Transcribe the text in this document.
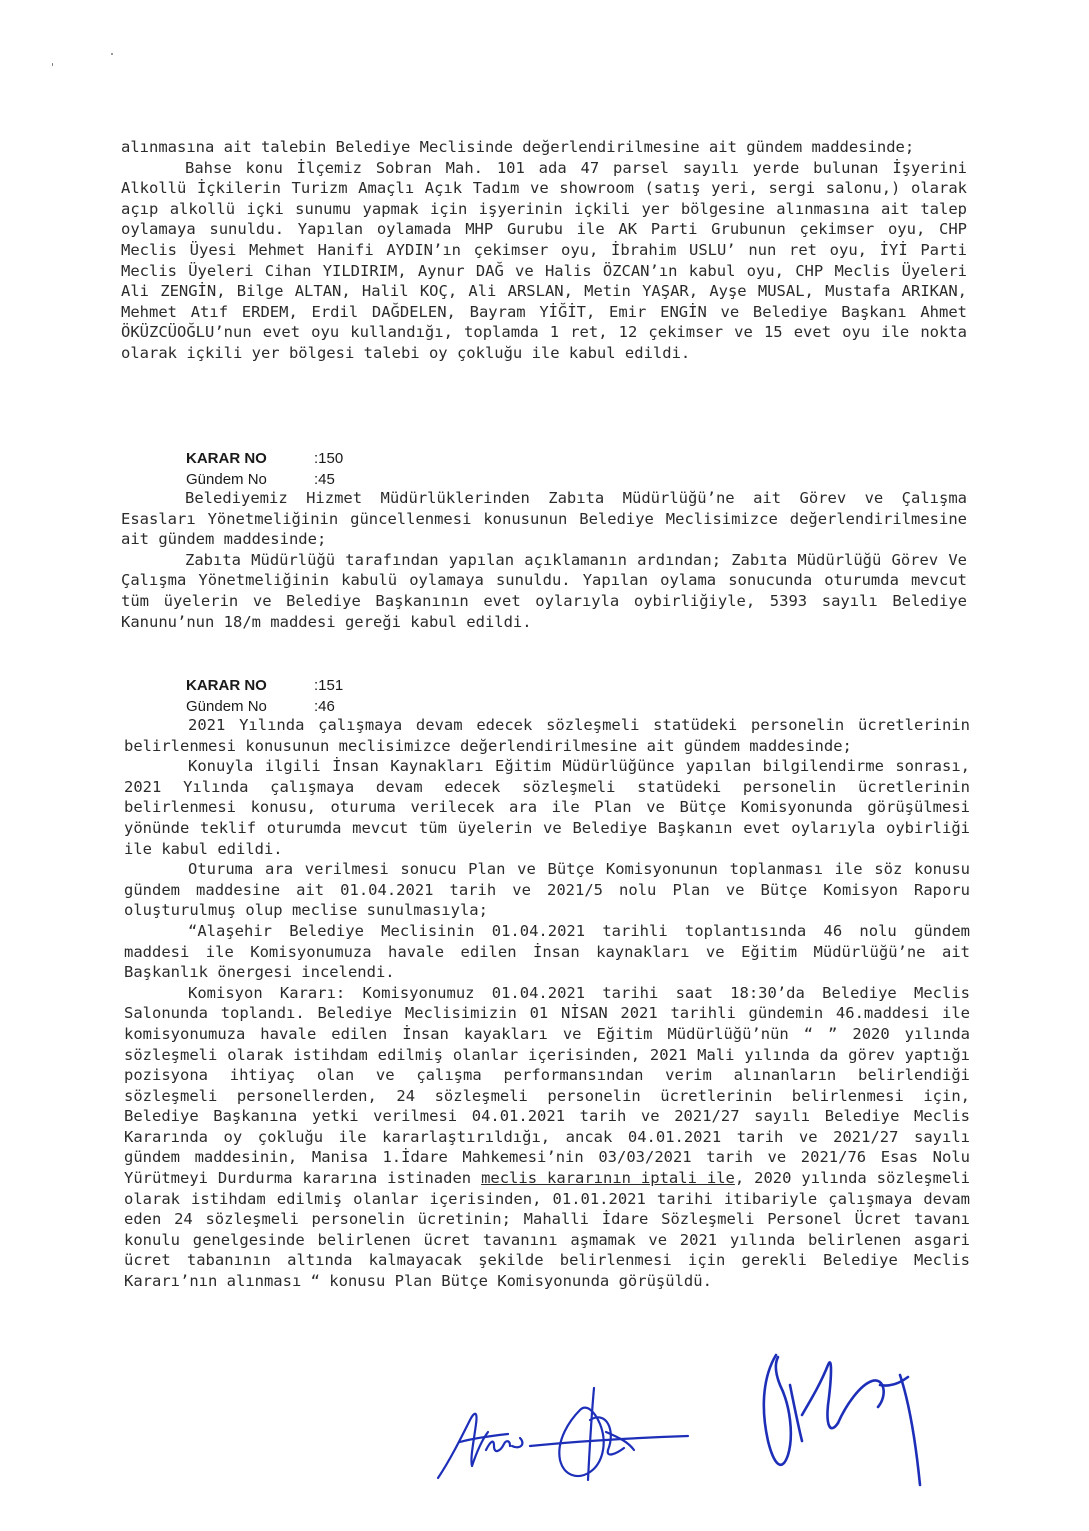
alınmasına ait talebin Belediye Meclisinde değerlendirilmesine ait gündem maddesinde;

Bahse konu İlçemiz Sobran Mah. 101 ada 47 parsel sayılı yerde bulunan İşyerini Alkollü İçkilerin Turizm Amaçlı Açık Tadım ve showroom (satış yeri, sergi salonu,) olarak açıp alkollü içki sunumu yapmak için işyerinin içkili yer bölgesine alınmasına ait talep oylamaya sunuldu. Yapılan oylamada MHP Gurubu ile AK Parti Grubunun çekimser oyu, CHP Meclis Üyesi Mehmet Hanifi AYDIN’ın çekimser oyu, İbrahim USLU’ nun ret oyu, İYİ Parti Meclis Üyeleri Cihan YILDIRIM, Aynur DAĞ ve Halis ÖZCAN’ın kabul oyu, CHP Meclis Üyeleri Ali ZENGİN, Bilge ALTAN, Halil KOÇ, Ali ARSLAN, Metin YAŞAR, Ayşe MUSAL, Mustafa ARIKAN, Mehmet Atıf ERDEM, Erdil DAĞDELEN, Bayram YİĞİT, Emir ENGİN ve Belediye Başkanı Ahmet ÖKÜZCÜOĞLU’nun evet oyu kullandığı, toplamda 1 ret, 12 çekimser ve 15 evet oyu ile nokta olarak içkili yer bölgesi talebi oy çokluğu ile kabul edildi.

KARAR NO	:150
Gündem No	:45

Belediyemiz Hizmet Müdürlüklerinden Zabıta Müdürlüğü’ne ait Görev ve Çalışma Esasları Yönetmeliğinin güncellenmesi konusunun Belediye Meclisimizce değerlendirilmesine ait gündem maddesinde;

Zabıta Müdürlüğü tarafından yapılan açıklamanın ardından; Zabıta Müdürlüğü Görev Ve Çalışma Yönetmeliğinin kabulü oylamaya sunuldu. Yapılan oylama sonucunda oturumda mevcut tüm üyelerin ve Belediye Başkanının evet oylarıyla oybirliğiyle, 5393 sayılı Belediye Kanunu’nun 18/m maddesi gereği kabul edildi.

KARAR NO	:151
Gündem No	:46

2021 Yılında çalışmaya devam edecek sözleşmeli statüdeki personelin ücretlerinin belirlenmesi konusunun meclisimizce değerlendirilmesine ait gündem maddesinde;

Konuyla ilgili İnsan Kaynakları Eğitim Müdürlüğünce yapılan bilgilendirme sonrası, 2021 Yılında çalışmaya devam edecek sözleşmeli statüdeki personelin ücretlerinin belirlenmesi konusu, oturuma verilecek ara ile Plan ve Bütçe Komisyonunda görüşülmesi yönünde teklif oturumda mevcut tüm üyelerin ve Belediye Başkanın evet oylarıyla oybirliği ile kabul edildi.

Oturuma ara verilmesi sonucu Plan ve Bütçe Komisyonunun toplanması ile söz konusu gündem maddesine ait 01.04.2021 tarih ve 2021/5 nolu Plan ve Bütçe Komisyon Raporu oluşturulmuş olup meclise sunulmasıyla;

“Alaşehir Belediye Meclisinin 01.04.2021 tarihli toplantısında 46 nolu gündem maddesi ile Komisyonumuza havale edilen İnsan kaynakları ve Eğitim Müdürlüğü’ne ait Başkanlık önergesi incelendi.

Komisyon Kararı: Komisyonumuz 01.04.2021 tarihi saat 18:30’da Belediye Meclis Salonunda toplandı. Belediye Meclisimizin 01 NİSAN 2021 tarihli gündemin 46.maddesi ile komisyonumuza havale edilen İnsan kayakları ve Eğitim Müdürlüğü’nün “ ” 2020 yılında sözleşmeli olarak istihdam edilmiş olanlar içerisinden, 2021 Mali yılında da görev yaptığı pozisyona ihtiyaç olan ve çalışma performansından verim alınanların belirlendiği sözleşmeli personellerden, 24 sözleşmeli personelin ücretlerinin belirlenmesi için, Belediye Başkanına yetki verilmesi 04.01.2021 tarih ve 2021/27 sayılı Belediye Meclis Kararında oy çokluğu ile kararlaştırıldığı, ancak 04.01.2021 tarih ve 2021/27 sayılı gündem maddesinin, Manisa 1.İdare Mahkemesi’nin 03/03/2021 tarih ve 2021/76 Esas Nolu Yürütmeyi Durdurma kararına istinaden meclis kararının iptali ile, 2020 yılında sözleşmeli olarak istihdam edilmiş olanlar içerisinden, 01.01.2021 tarihi itibariyle çalışmaya devam eden 24 sözleşmeli personelin ücretinin; Mahalli İdare Sözleşmeli Personel Ücret tavanı konulu genelgesinde belirlenen ücret tavanını aşmamak ve 2021 yılında belirlenen asgari ücret tabanının altında kalmayacak şekilde belirlenmesi için gerekli Belediye Meclis Kararı’nın alınması “ konusu Plan Bütçe Komisyonunda görüşüldü.
